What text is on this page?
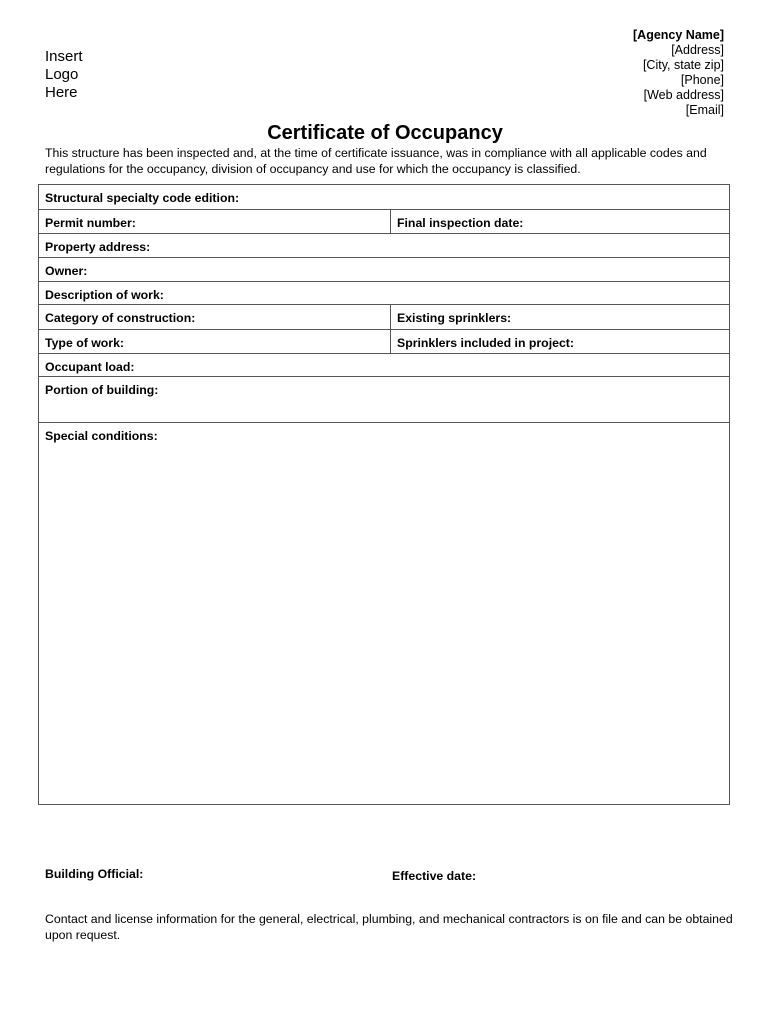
Insert
Logo
Here
[Agency Name]
[Address]
[City, state zip]
[Phone]
[Web address]
[Email]
Certificate of Occupancy
This structure has been inspected and, at the time of certificate issuance, was in compliance with all applicable codes and regulations for the occupancy, division of occupancy and use for which the occupancy is classified.
Structural specialty code edition:
Permit number:	Final inspection date:
Property address:
Owner:
Description of work:
Category of construction:	Existing sprinklers:
Type of work:	Sprinklers included in project:
Occupant load:
Portion of building:
Special conditions:
Building Official:	Effective date:
Contact and license information for the general, electrical, plumbing, and mechanical contractors is on file and can be obtained upon request.
